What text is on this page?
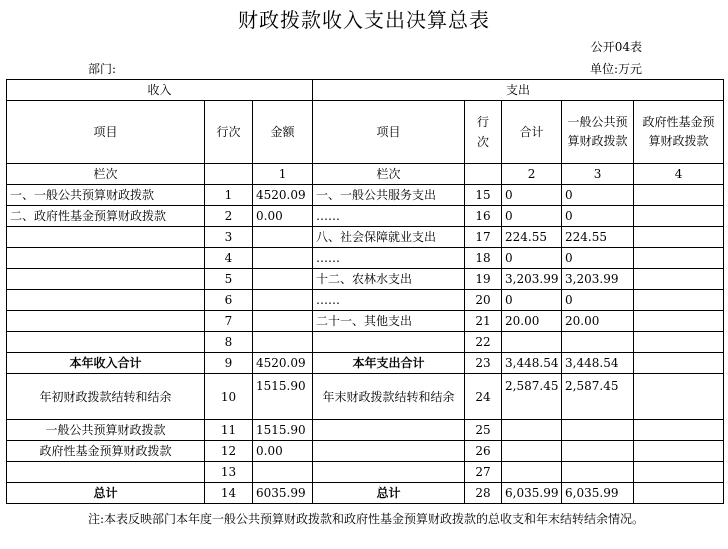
财政拨款收入支出决算总表
公开04表
部门:	单位:万元
收入			支出				
项目	行次	金额	项目	行次	合计	一般公共预算财政拨款	政府性基金预算财政拨款
栏次		1	栏次		2	3	4
一、一般公共预算财政拨款	1	4520.09	一、一般公共服务支出	15	0	0	
二、政府性基金预算财政拨款	2	0.00	……	16	0	0	
	3		八、社会保障就业支出	17	224.55	224.55	
	4		……	18	0	0	
	5		十二、农林水支出	19	3,203.99	3,203.99	
	6		……	20	0	0	
	7		二十一、其他支出	21	20.00	20.00	
	8			22			
本年收入合计	9	4520.09	本年支出合计	23	3,448.54	3,448.54	
年初财政拨款结转和结余	10	1515.90	年末财政拨款结转和结余	24	2,587.45	2,587.45	
一般公共预算财政拨款	11	1515.90		25			
政府性基金预算财政拨款	12	0.00		26			
	13			27			
总计	14	6035.99	总计	28	6,035.99	6,035.99	
注:本表反映部门本年度一般公共预算财政拨款和政府性基金预算财政拨款的总收支和年末结转结余情况。
